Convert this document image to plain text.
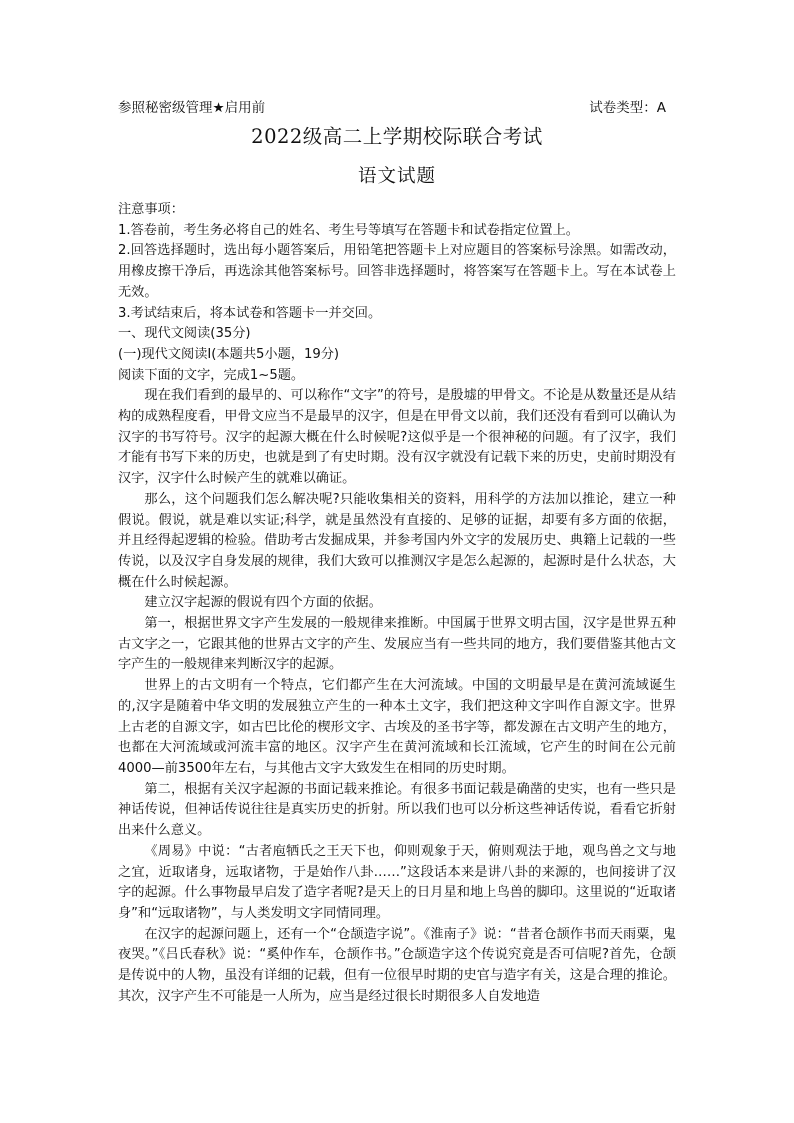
参照秘密级管理★启用前	试卷类型：A
2022级高二上学期校际联合考试
语文试题

注意事项：

1.答卷前，考生务必将自己的姓名、考生号等填写在答题卡和试卷指定位置上。

2.回答选择题时，选出每小题答案后，用铅笔把答题卡上对应题目的答案标号涂黑。如需改动，用橡皮擦干净后，再选涂其他答案标号。回答非选择题时，将答案写在答题卡上。写在本试卷上无效。

3.考试结束后，将本试卷和答题卡一并交回。

一、现代文阅读(35分)

(一)现代文阅读Ⅰ(本题共5小题，19分)

阅读下面的文字，完成1~5题。

现在我们看到的最早的、可以称作“文字”的符号，是殷墟的甲骨文。不论是从数量还是从结构的成熟程度看，甲骨文应当不是最早的汉字，但是在甲骨文以前，我们还没有看到可以确认为汉字的书写符号。汉字的起源大概在什么时候呢?这似乎是一个很神秘的问题。有了汉字，我们才能有书写下来的历史，也就是到了有史时期。没有汉字就没有记载下来的历史，史前时期没有汉字，汉字什么时候产生的就难以确证。

那么，这个问题我们怎么解决呢?只能收集相关的资料，用科学的方法加以推论，建立一种假说。假说，就是难以实证;科学，就是虽然没有直接的、足够的证据，却要有多方面的依据，并且经得起逻辑的检验。借助考古发掘成果，并参考国内外文字的发展历史、典籍上记载的一些传说，以及汉字自身发展的规律，我们大致可以推测汉字是怎么起源的，起源时是什么状态，大概在什么时候起源。

建立汉字起源的假说有四个方面的依据。

第一，根据世界文字产生发展的一般规律来推断。中国属于世界文明古国，汉字是世界五种古文字之一，它跟其他的世界古文字的产生、发展应当有一些共同的地方，我们要借鉴其他古文字产生的一般规律来判断汉字的起源。

世界上的古文明有一个特点，它们都产生在大河流域。中国的文明最早是在黄河流域诞生的,汉字是随着中华文明的发展独立产生的一种本土文字，我们把这种文字叫作自源文字。世界上古老的自源文字，如古巴比伦的楔形文字、古埃及的圣书字等，都发源在古文明产生的地方，也都在大河流域或河流丰富的地区。汉字产生在黄河流域和长江流域，它产生的时间在公元前4000—前3500年左右，与其他古文字大致发生在相同的历史时期。

第二，根据有关汉字起源的书面记载来推论。有很多书面记载是确凿的史实，也有一些只是神话传说，但神话传说往往是真实历史的折射。所以我们也可以分析这些神话传说，看看它折射出来什么意义。

《周易》中说：“古者庖牺氏之王天下也，仰则观象于天，俯则观法于地，观鸟兽之文与地之宜，近取诸身，远取诸物，于是始作八卦……”这段话本来是讲八卦的来源的，也间接讲了汉字的起源。什么事物最早启发了造字者呢?是天上的日月星和地上鸟兽的脚印。这里说的“近取诸身”和“远取诸物”，与人类发明文字同情同理。

在汉字的起源问题上，还有一个“仓颉造字说”。《淮南子》说：“昔者仓颉作书而天雨粟，鬼夜哭。”《吕氏春秋》说：“奚仲作车，仓颉作书。”仓颉造字这个传说究竟是否可信呢?首先，仓颉是传说中的人物，虽没有详细的记载，但有一位很早时期的史官与造字有关，这是合理的推论。其次，汉字产生不可能是一人所为，应当是经过很长时期很多人自发地造
